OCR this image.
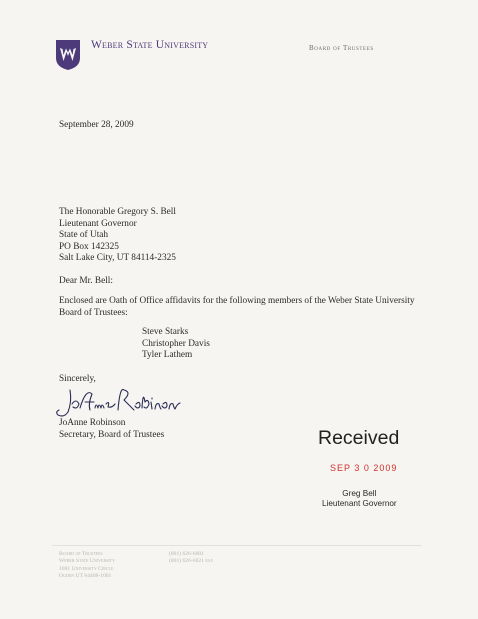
Weber State University	Board of Trustees
September 28, 2009
The Honorable Gregory S. Bell
Lieutenant Governor
State of Utah
PO Box 142325
Salt Lake City, UT 84114-2325
Dear Mr. Bell:
Enclosed are Oath of Office affidavits for the following members of the Weber State University Board of Trustees:
Steve Starks
Christopher Davis
Tyler Lathem
Sincerely,
JoAnne Robinson
Secretary, Board of Trustees	Received
SEP 3 0 2009
Greg Bell
Lieutenant Governor
Board of Trustees
Weber State University
1001 University Circle
Ogden UT 84408-1001
(801) 626-6001
(801) 626-6021 fax
